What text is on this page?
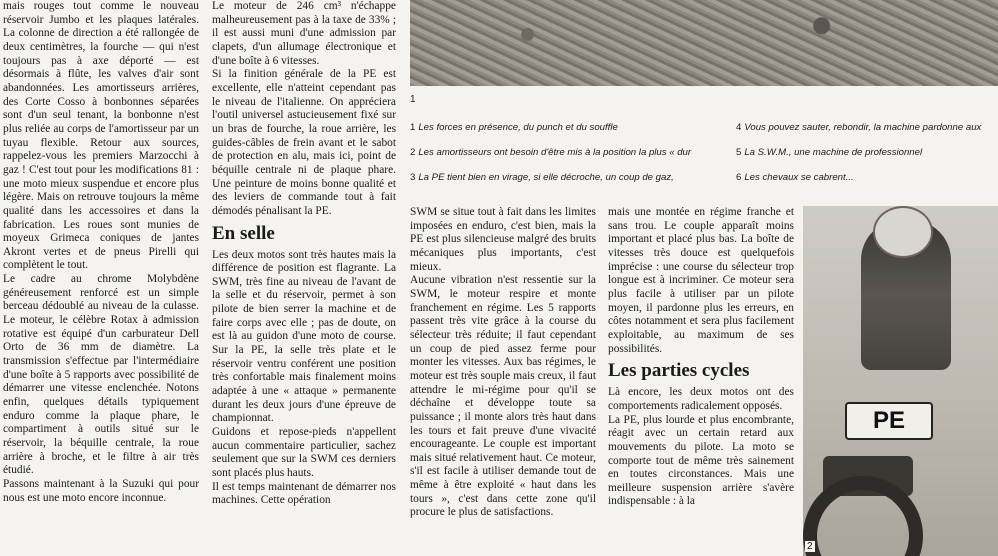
mais rouges tout comme le nouveau réservoir Jumbo et les plaques latérales. La colonne de direction a été rallongée de deux centimètres, la fourche — qui n'est toujours pas à axe déporté — est désormais à flûte, les valves d'air sont abandonnées. Les amortisseurs arrières, des Corte Cosso à bonbonnes séparées sont d'un seul tenant, la bonbonne n'est plus reliée au corps de l'amortisseur par un tuyau flexible. Retour aux sources, rappelez-vous les premiers Marzocchi à gaz ! C'est tout pour les modifications 81 : une moto mieux suspendue et encore plus légère. Mais on retrouve toujours la même qualité dans les accessoires et dans la fabrication. Les roues sont munies de moyeux Grimeca coniques de jantes Akront vertes et de pneus Pirelli qui complètent le tout.

Le cadre au chrome Molybdène généreusement renforcé est un simple berceau dédoublé au niveau de la culasse. Le moteur, le célèbre Rotax à admission rotative est équipé d'un carburateur Dell Orto de 36 mm de diamètre. La transmission s'effectue par l'intermédiaire d'une boîte à 5 rapports avec possibilité de démarrer une vitesse enclenchée. Notons enfin, quelques détails typiquement enduro comme la plaque phare, le compartiment à outils situé sur le réservoir, la béquille centrale, la roue arrière à broche, et le filtre à air très étudié.

Passons maintenant à la Suzuki qui pour nous est une moto encore inconnue.

Le moteur de 246 cm³ n'échappe malheureusement pas à la taxe de 33% ; il est aussi muni d'une admission par clapets, d'un allumage électronique et d'une boîte à 6 vitesses.

Si la finition générale de la PE est excellente, elle n'atteint cependant pas le niveau de l'italienne. On appréciera l'outil universel astucieusement fixé sur un bras de fourche, la roue arrière, les guides-câbles de frein avant et le sabot de protection en alu, mais ici, point de béquille centrale ni de plaque phare. Une peinture de moins bonne qualité et des leviers de commande tout à fait démodés pénalisant la PE.

En selle

Les deux motos sont très hautes mais la différence de position est flagrante. La SWM, très fine au niveau de l'avant de la selle et du réservoir, permet à son pilote de bien serrer la machine et de faire corps avec elle ; pas de doute, on est là au guidon d'une moto de course. Sur la PE, la selle très plate et le réservoir ventru conférent une position très confortable mais finalement moins adaptée à une « attaque » permanente durant les deux jours d'une épreuve de championnat.

Guidons et repose-pieds n'appellent aucun commentaire particulier, sachez seulement que sur la SWM ces derniers sont placés plus hauts.

Il est temps maintenant de démarrer nos machines. Cette opération

1
1 Les forces en présence, du punch et du souffle
2 Les amortisseurs ont besoin d'être mis à la position la plus « dur
3 La PE tient bien en virage, si elle décroche, un coup de gaz,
4 Vous pouvez sauter, rebondir, la machine pardonne aux
5 La S.W.M., une machine de professionnel
6 Les chevaux se cabrent...

SWM se situe tout à fait dans les limites imposées en enduro, c'est bien, mais la PE est plus silencieuse malgré des bruits mécaniques plus importants, c'est mieux.

Aucune vibration n'est ressentie sur la SWM, le moteur respire et monte franchement en régime. Les 5 rapports passent très vite grâce à la course du sélecteur très réduite; il faut cependant un coup de pied assez ferme pour monter les vitesses. Aux bas régimes, le moteur est très souple mais creux, il faut attendre le mi-régime pour qu'il se déchaîne et développe toute sa puissance ; il monte alors très haut dans les tours et fait preuve d'une vivacité encourageante. Le couple est important mais situé relativement haut. Ce moteur, s'il est facile à utiliser demande tout de même à être exploité « haut dans les tours », c'est dans cette zone qu'il procure le plus de satisfactions.

mais une montée en régime franche et sans trou. Le couple apparaît moins important et placé plus bas. La boîte de vitesses très douce est quelquefois imprécise : une course du sélecteur trop longue est à incriminer. Ce moteur sera plus facile à utiliser par un pilote moyen, il pardonne plus les erreurs, en côtes notamment et sera plus facilement exploitable, au maximum de ses possibilités.

Les parties cycles

Là encore, les deux motos ont des comportements radicalement opposés.

La PE, plus lourde et plus encombrante, réagit avec un certain retard aux mouvements du pilote. La moto se comporte tout de même très sainement en toutes circonstances. Mais une meilleure suspension arrière s'avère indispensable : à la

PE
2
